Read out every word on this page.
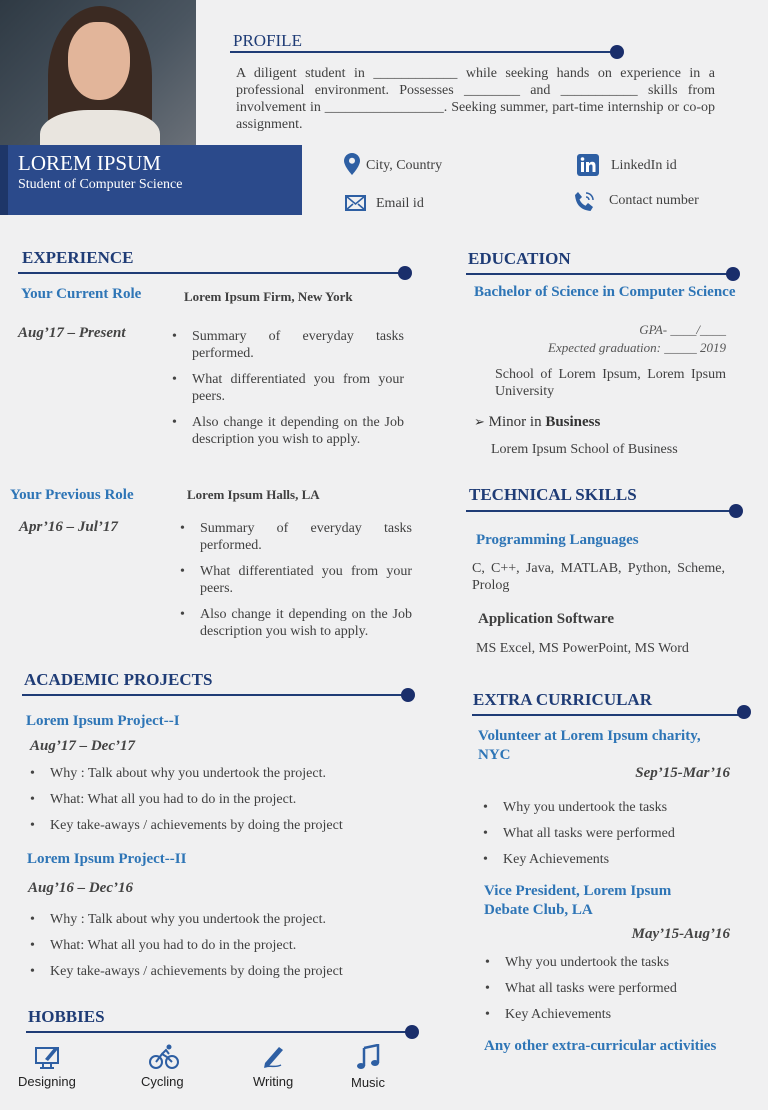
LOREM IPSUM
Student of Computer Science
PROFILE
A diligent student in ____________ while seeking hands on experience in a professional environment. Possesses ________ and ___________ skills from involvement in _________________. Seeking summer, part-time internship or co-op assignment.
City, Country	LinkedIn id
Email id	Contact number
EXPERIENCE
Your Current Role	Lorem Ipsum Firm, New York
Aug’17 – Present	• Summary of everyday tasks performed.
• What differentiated you from your peers.
• Also change it depending on the Job description you wish to apply.
Your Previous Role	Lorem Ipsum Halls, LA
Apr’16 – Jul’17	• Summary of everyday tasks performed.
• What differentiated you from your peers.
• Also change it depending on the Job description you wish to apply.
ACADEMIC PROJECTS
Lorem Ipsum Project--I
Aug’17 – Dec’17
• Why : Talk about why you undertook the project.
• What: What all you had to do in the project.
• Key take-aways / achievements by doing the project
Lorem Ipsum Project--II
Aug’16 – Dec’16
• Why : Talk about why you undertook the project.
• What: What all you had to do in the project.
• Key take-aways / achievements by doing the project
HOBBIES
Designing	Cycling	Writing	Music
EDUCATION
Bachelor of Science in Computer Science
GPA- ____/____
Expected graduation: _____ 2019
School of Lorem Ipsum, Lorem Ipsum University
➢ Minor in Business
Lorem Ipsum School of Business
TECHNICAL SKILLS
Programming Languages
C, C++, Java, MATLAB, Python, Scheme, Prolog
Application Software
MS Excel, MS PowerPoint, MS Word
EXTRA CURRICULAR
Volunteer at Lorem Ipsum charity, NYC
Sep’15-Mar’16
• Why you undertook the tasks
• What all tasks were performed
• Key Achievements
Vice President, Lorem Ipsum Debate Club, LA
May’15-Aug’16
• Why you undertook the tasks
• What all tasks were performed
• Key Achievements
Any other extra-curricular activities
